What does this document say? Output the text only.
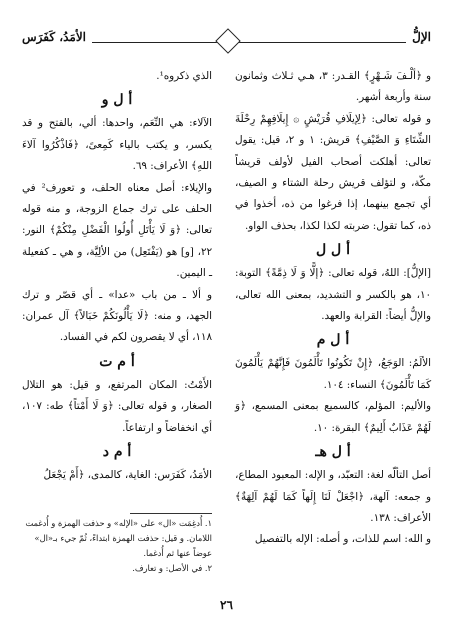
الإلُّ
الأمَدُ، كَفَرَس

و ﴿ألْـفَ شَـهْرٍ﴾ القـدر: ٣، هـي ثـلاث وثمانون سنة وأربعة أشهر.

و قوله تعالى: ﴿لِإيلَافِ قُرَيْشٍ ۞ إِيلَافِهِمْ رِحْلَةَ الشِّتَاءِ وَ الصَّيْفِ﴾ قريش: ١ و ٢، قيل: يقول تعالى: أهلكت أصحاب الفيل لأولف قريشاً مكّة، و لتؤلف قريش رحلة الشتاء و الصيف، أي تجمع بينهما، إذا فرغوا من ذه، أخذوا في ذه، كما تقول: ضربته لكذا لكذا، بحذف الواو.

أ ل ل

[الإلُّ]: اللهُ، قوله تعالى: ﴿إلًّا وَ لَا ذِمَّةً﴾ التوبة: ١٠، هو بالكسر و التشديد، بمعنى الله تعالى، والإلُّ أيضاً: القرابة والعهد.

أ ل م

الألَمُ: الوَجَعُ، ﴿إِنْ تَكُونُوا تَأْلَمُونَ فَإِنَّهُمْ يَأْلَمُونَ كَمَا تَأْلَمُونَ﴾ النساء: ١٠٤.

والأليم: المؤلم، كالسميع بمعنى المسمع، ﴿وَ لَهُمْ عَذَابٌ أَلِيمٌ﴾ البقرة: ١٠.

أ ل هـ

أصل التألّه لغة: التعبّد، و الإله: المعبود المطاع، و جمعه: آلهة، ﴿اجْعَلْ لَنَا إِلَهاً كَمَا لَهُمْ آلِهَةٌ﴾ الأعراف: ١٣٨.

و الله: اسم للذات، و أصله: الإله بالتفصيل

الذي ذكروه¹.

أ ل و

الآلاء: هي النِّعَم، واحدها: ألي، بالفتح و قد يكسر، و يكتب بالياء كَمِعىً، ﴿فَاذْكُرُوا آلاءَ اللهِ﴾ الأعراف: ٦٩.

والإيلاء: أصل معناه الحلف، و تعورف² في الحلف على ترك جماع الزوجة، و منه قوله تعالى: ﴿وَ لَا يَأْتَلِ أُولُوا الْفَضْلِ مِنْكُمْ﴾ النور: ٢٢، [و] هو (يَفْتَعِل) من الألِيَّة، و هي ـ كفعيلة ـ اليمين.

و ألا ـ من باب «عدا» ـ أي قصّر و ترك الجهد، و منه: ﴿لَا يَأْلُونَكُمْ خَبَالاً﴾ آل عمران: ١١٨، أي لا يقصرون لكم في الفساد.

أ م ت

الأَمْتُ: المكان المرتفع، و قيل: هو التلال الصغار، و قوله تعالى: ﴿وَ لَا أَمْتاً﴾ طه: ١٠٧، أي انخفاضاً و ارتفاعاً.

أ م د

الأمَدُ، كَفَرَس: الغاية، كالمدى، ﴿أَمْ يَجْعَلُ

١. أُدغِمَت «ال» على «الإله» و حذفت الهمزة و أُدغمت اللامان. و قيل: حذفت الهمزة ابتداءً، ثُمّ جيء بـ«ال» عوضاً عنها ثم أُدغما.

٢. في الأصل: و تعارف.

٢٦
